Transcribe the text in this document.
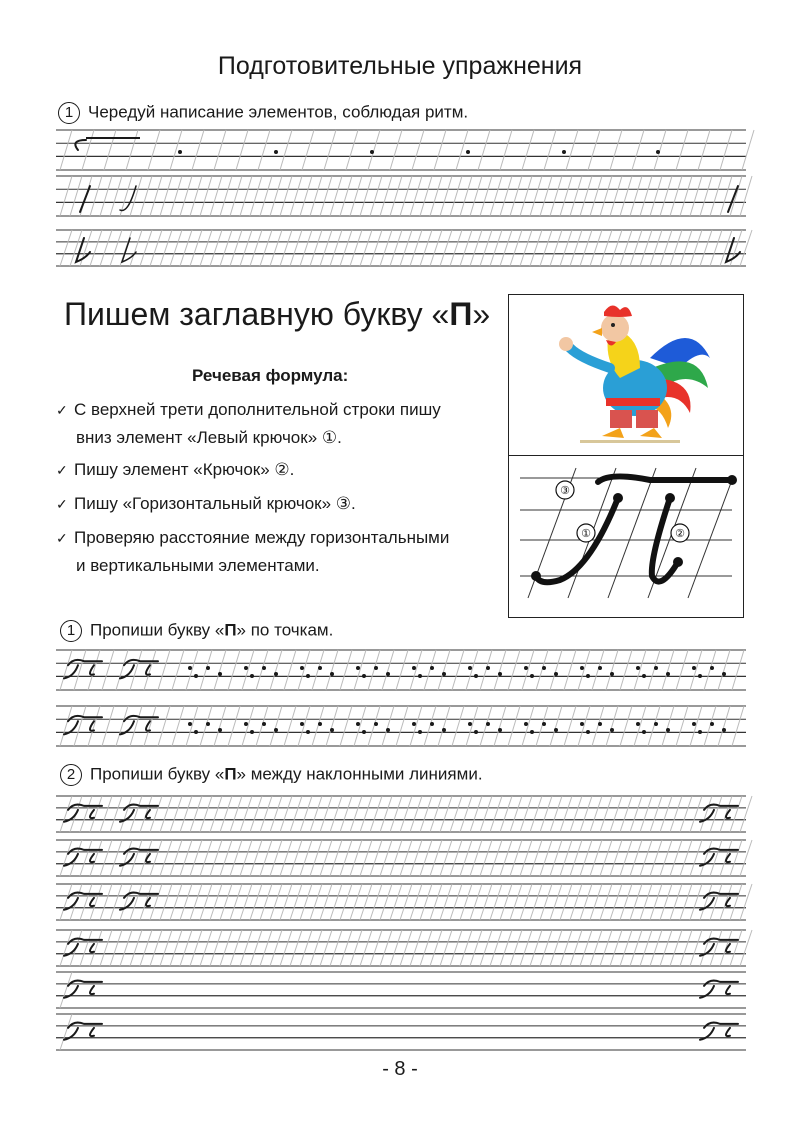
Подготовительные упражнения
1 Чередуй написание элементов, соблюдая ритм.
Пишем заглавную букву «П»
Речевая формула:
✓ С верхней трети дополнительной строки пишу
вниз элемент «Левый крючок» ①.
✓ Пишу элемент «Крючок» ②.
✓ Пишу «Горизонтальный крючок» ③.
✓ Проверяю расстояние между горизонтальными
и вертикальными элементами.
③
①	②
1 Пропиши букву «П» по точкам.
2 Пропиши букву «П» между наклонными линиями.
- 8 -
